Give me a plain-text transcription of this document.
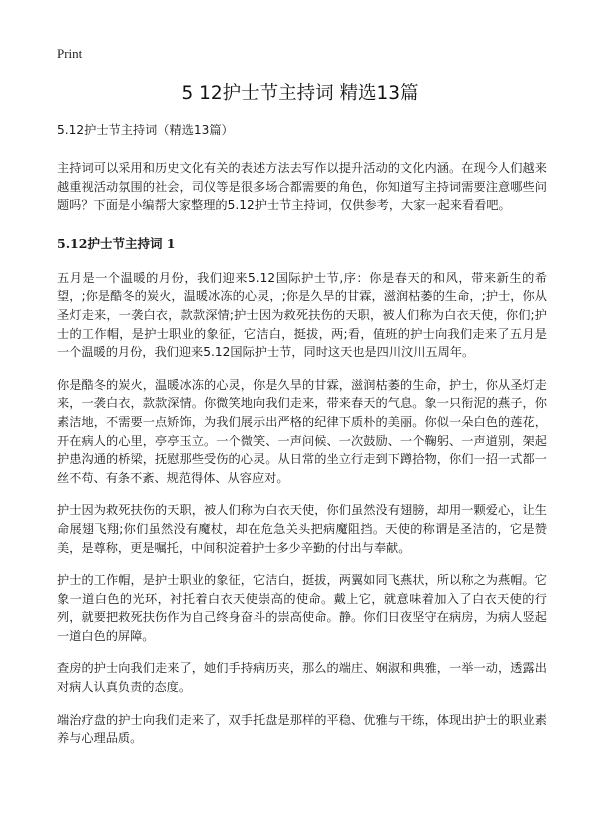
Print
5 12护士节主持词 精选13篇

5.12护士节主持词（精选13篇）

主持词可以采用和历史文化有关的表述方法去写作以提升活动的文化内涵。在现今人们越来越重视活动氛围的社会，司仪等是很多场合都需要的角色，你知道写主持词需要注意哪些问题吗？下面是小编帮大家整理的5.12护士节主持词，仅供参考，大家一起来看看吧。

5.12护士节主持词 1

五月是一个温暖的月份，我们迎来5.12国际护士节,序：你是春天的和风，带来新生的希望，;你是酷冬的炭火，温暖冰冻的心灵，;你是久旱的甘霖，滋润枯萎的生命，;护士，你从圣灯走来，一袭白衣，款款深情;护士因为救死扶伤的天职，被人们称为白衣天使，你们;护士的工作帽，是护士职业的象征，它洁白，挺拔，两;看，值班的护士向我们走来了五月是一个温暖的月份，我们迎来5.12国际护士节，同时这天也是四川汶川五周年。

你是酷冬的炭火，温暖冰冻的心灵，你是久旱的甘霖，滋润枯萎的生命，护士，你从圣灯走来，一袭白衣，款款深情。你微笑地向我们走来，带来春天的气息。象一只衔泥的燕子，你素洁地，不需要一点矫饰，为我们展示出严格的纪律下质朴的美丽。你似一朵白色的莲花，开在病人的心里，亭亭玉立。一个微笑、一声问候、一次鼓励、一个鞠躬、一声道别，架起护患沟通的桥梁，抚慰那些受伤的心灵。从日常的坐立行走到下蹲拾物，你们一招一式都一丝不苟、有条不紊、规范得体、从容应对。

护士因为救死扶伤的天职，被人们称为白衣天使，你们虽然没有翅膀，却用一颗爱心，让生命展翅飞翔;你们虽然没有魔杖，却在危急关头把病魔阻挡。天使的称谓是圣洁的，它是赞美，是尊称，更是嘱托，中间积淀着护士多少辛勤的付出与奉献。

护士的工作帽，是护士职业的象征，它洁白，挺拔，两翼如同飞燕状，所以称之为燕帽。它象一道白色的光环，衬托着白衣天使崇高的使命。戴上它，就意味着加入了白衣天使的行列，就要把救死扶伤作为自己终身奋斗的崇高使命。静。你们日夜坚守在病房，为病人竖起一道白色的屏障。

查房的护士向我们走来了，她们手持病历夹，那么的端庄、娴淑和典雅，一举一动，透露出对病人认真负责的态度。

端治疗盘的护士向我们走来了，双手托盘是那样的平稳、优雅与干练，体现出护士的职业素养与心理品质。
